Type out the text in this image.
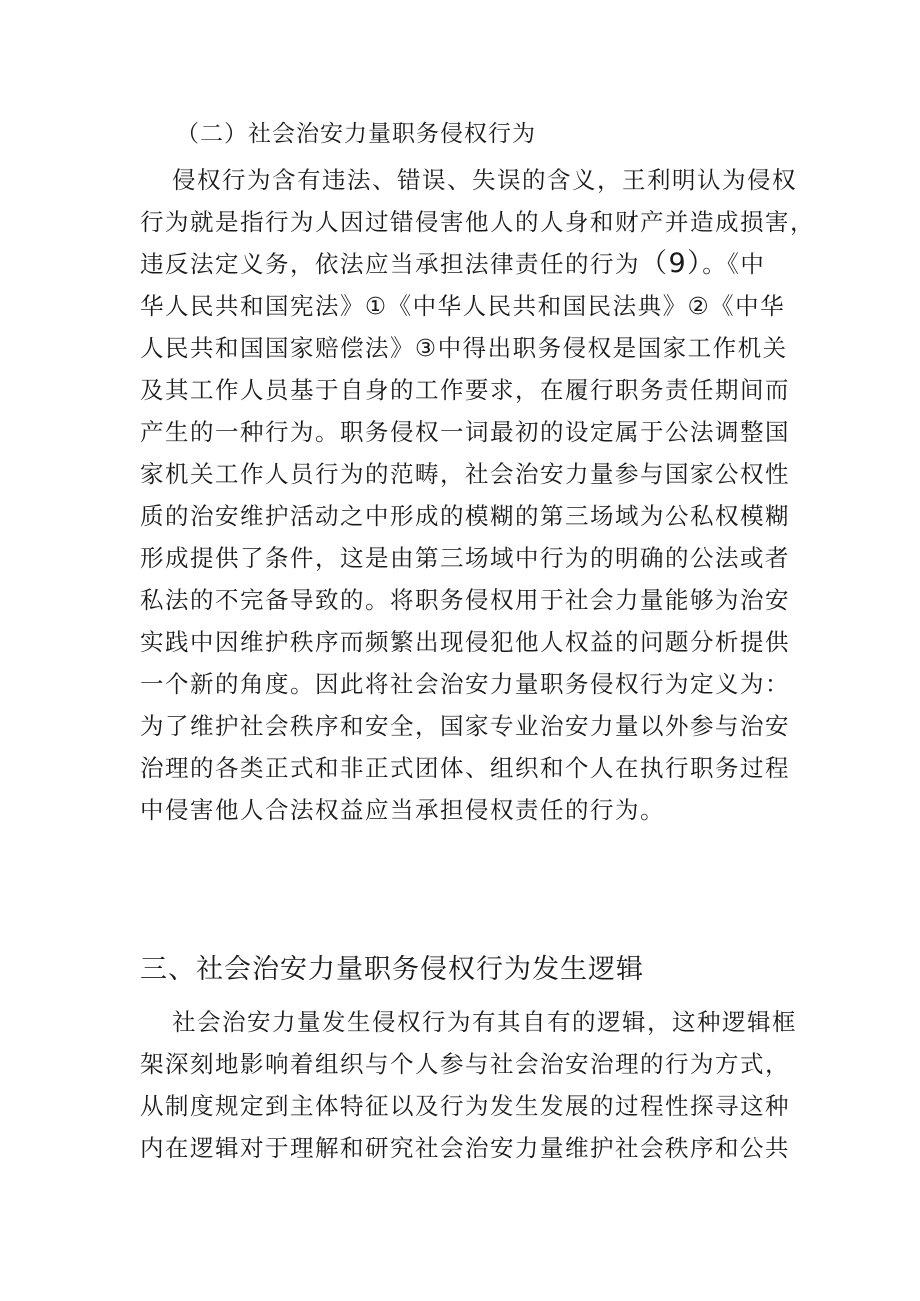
（二）社会治安力量职务侵权行为
侵权行为含有违法、错误、失误的含义，王利明认为侵权
行为就是指行为人因过错侵害他人的人身和财产并造成损害，
违反法定义务，依法应当承担法律责任的行为（9）。《中
华人民共和国宪法》①《中华人民共和国民法典》②《中华
人民共和国国家赔偿法》③中得出职务侵权是国家工作机关
及其工作人员基于自身的工作要求，在履行职务责任期间而
产生的一种行为。职务侵权一词最初的设定属于公法调整国
家机关工作人员行为的范畴，社会治安力量参与国家公权性
质的治安维护活动之中形成的模糊的第三场域为公私权模糊
形成提供了条件，这是由第三场域中行为的明确的公法或者
私法的不完备导致的。将职务侵权用于社会力量能够为治安
实践中因维护秩序而频繁出现侵犯他人权益的问题分析提供
一个新的角度。因此将社会治安力量职务侵权行为定义为：
为了维护社会秩序和安全，国家专业治安力量以外参与治安
治理的各类正式和非正式团体、组织和个人在执行职务过程
中侵害他人合法权益应当承担侵权责任的行为。
三、社会治安力量职务侵权行为发生逻辑
社会治安力量发生侵权行为有其自有的逻辑，这种逻辑框
架深刻地影响着组织与个人参与社会治安治理的行为方式，
从制度规定到主体特征以及行为发生发展的过程性探寻这种
内在逻辑对于理解和研究社会治安力量维护社会秩序和公共
